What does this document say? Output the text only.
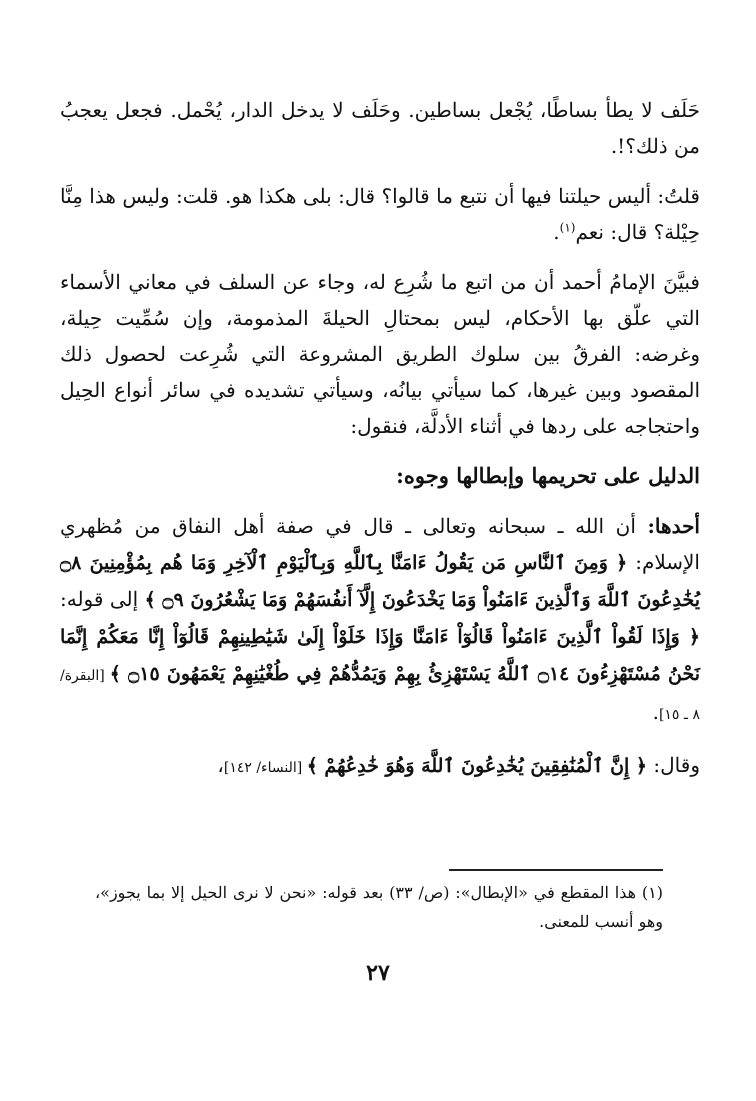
حَلَف لا يطأ بساطًا، يُجْعل بساطين. وحَلَف لا يدخل الدار، يُحْمل. فجعل يعجبُ من ذلك؟!.

قلتُ: أليس حيلتنا فيها أن نتبع ما قالوا؟ قال: بلى هكذا هو. قلت: وليس هذا مِنَّا حِيْلة؟ قال: نعم$^{(١)}$.

فبيَّنَ الإمامُ أحمد أن من اتبع ما شُرِع له، وجاء عن السلف في معاني الأسماء التي علّق بها الأحكام، ليس بمحتالِ الحيلةَ المذمومة، وإن سُمِّيت حِيلة، وغرضه: الفرقُ بين سلوك الطريق المشروعة التي شُرِعت لحصول ذلك المقصود وبين غيرها، كما سيأتي بيانُه، وسيأتي تشديده في سائر أنواع الحِيل واحتجاجه على ردها في أثناء الأدلَّة، فنقول:

الدليل على تحريمها وإبطالها وجوه:

أحدها: أن الله ـ سبحانه وتعالى ـ قال في صفة أهل النفاق من مُظهري الإسلام: ﴿ وَمِنَ ٱلنَّاسِ مَن يَقُولُ ءَامَنَّا بِٱللَّهِ وَبِٱلْيَوْمِ ٱلْآخِرِ وَمَا هُم بِمُؤْمِنِينَ ۝٨ يُخَٰدِعُونَ ٱللَّهَ وَٱلَّذِينَ ءَامَنُواْ وَمَا يَخْدَعُونَ إِلَّآ أَنفُسَهُمْ وَمَا يَشْعُرُونَ ۝٩ ﴾ إلى قوله: ﴿ وَإِذَا لَقُواْ ٱلَّذِينَ ءَامَنُواْ قَالُوٓاْ ءَامَنَّا وَإِذَا خَلَوْاْ إِلَىٰ شَيَٰطِينِهِمْ قَالُوٓاْ إِنَّا مَعَكُمْ إِنَّمَا نَحْنُ مُسْتَهْزِءُونَ ۝١٤ ٱللَّهُ يَسْتَهْزِئُ بِهِمْ وَيَمُدُّهُمْ فِي طُغْيَٰنِهِمْ يَعْمَهُونَ ۝١٥ ﴾ [البقرة/ ٨ ـ ١٥].

وقال: ﴿ إِنَّ ٱلْمُنَٰفِقِينَ يُخَٰدِعُونَ ٱللَّهَ وَهُوَ خَٰدِعُهُمْ ﴾ [النساء/ ١٤٢]،

(١) هذا المقطع في «الإبطال»: (ص/ ٣٣) بعد قوله: «نحن لا نرى الحيل إلا بما يجوز»، وهو أنسب للمعنى.
٢٧
